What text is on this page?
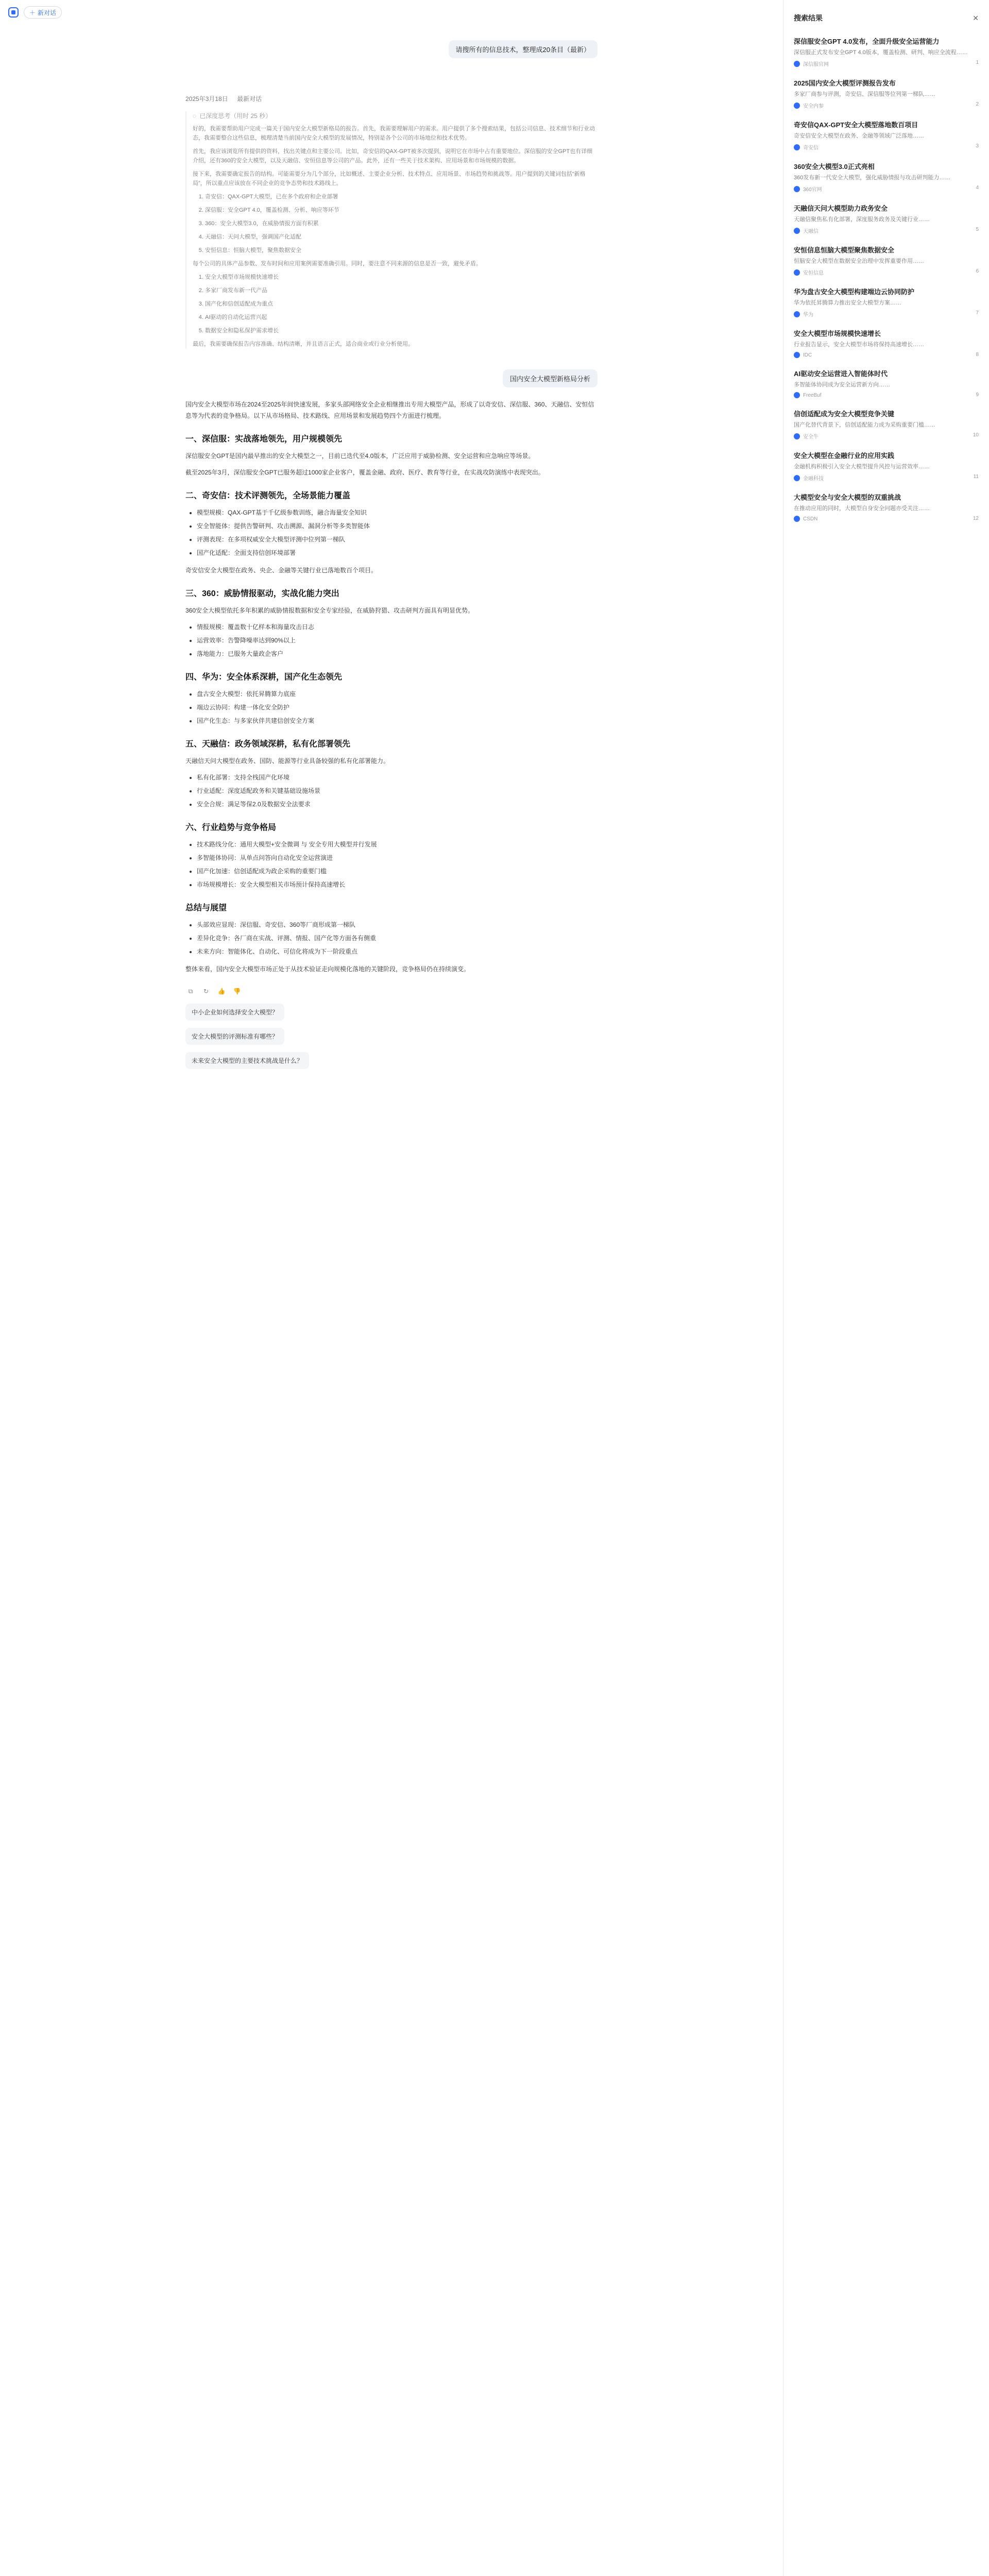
＋ 新对话
请搜所有的信息技术，整理成20条目（最新）
2025年3月18日 最新对话
◌ 已深度思考（用时 25 秒）

好的，我需要帮助用户完成一篇关于国内安全大模型新格局的报告。首先，我需要理解用户的需求。用户提供了多个搜索结果，包括公司信息、技术细节和行业动态，我需要整合这些信息，梳理清楚当前国内安全大模型的发展情况，特别是各个公司的市场地位和技术优势。

首先，我应该浏览所有提供的资料，找出关键点和主要公司。比如，奇安信的QAX-GPT被多次提到，说明它在市场中占有重要地位。深信服的安全GPT也有详细介绍，还有360的安全大模型，以及天融信、安恒信息等公司的产品。此外，还有一些关于技术架构、应用场景和市场规模的数据。

接下来，我需要确定报告的结构。可能需要分为几个部分，比如概述、主要企业分析、技术特点、应用场景、市场趋势和挑战等。用户提到的关键词包括“新格局”，所以重点应该放在不同企业的竞争态势和技术路线上。

1. 奇安信：QAX-GPT大模型，已在多个政府和企业部署
2. 深信服：安全GPT 4.0，覆盖检测、分析、响应等环节
3. 360：安全大模型3.0，在威胁情报方面有积累
4. 天融信：天问大模型，强调国产化适配
5. 安恒信息：恒脑大模型，聚焦数据安全

每个公司的具体产品参数、发布时间和应用案例需要准确引用。同时，要注意不同来源的信息是否一致，避免矛盾。

1. 安全大模型市场规模快速增长
2. 多家厂商发布新一代产品
3. 国产化和信创适配成为重点
4. AI驱动的自动化运营兴起
5. 数据安全和隐私保护需求增长

最后，我需要确保报告内容准确、结构清晰，并且语言正式，适合商业或行业分析使用。

国内安全大模型新格局分析

国内安全大模型市场在2024至2025年间快速发展，多家头部网络安全企业相继推出专用大模型产品，形成了以奇安信、深信服、360、天融信、安恒信息等为代表的竞争格局。以下从市场格局、技术路线、应用场景和发展趋势四个方面进行梳理。

一、深信服：实战落地领先，用户规模领先

深信服安全GPT是国内最早推出的安全大模型之一，目前已迭代至4.0版本，广泛应用于威胁检测、安全运营和应急响应等场景。

截至2025年3月，深信服安全GPT已服务超过1000家企业客户，覆盖金融、政府、医疗、教育等行业，在实战攻防演练中表现突出。

二、奇安信：技术评测领先，全场景能力覆盖
• 模型规模：QAX-GPT基于千亿级参数训练，融合海量安全知识
• 安全智能体：提供告警研判、攻击溯源、漏洞分析等多类智能体
• 评测表现：在多项权威安全大模型评测中位列第一梯队
• 国产化适配：全面支持信创环境部署

奇安信安全大模型在政务、央企、金融等关键行业已落地数百个项目。

三、360：威胁情报驱动，实战化能力突出

360安全大模型依托多年积累的威胁情报数据和安全专家经验，在威胁狩猎、攻击研判方面具有明显优势。

• 情报规模：覆盖数十亿样本和海量攻击日志
• 运营效率：告警降噪率达到90%以上
• 落地能力：已服务大量政企客户
四、华为：安全体系深耕，国产化生态领先
• 盘古安全大模型：依托昇腾算力底座
• 端边云协同：构建一体化安全防护
• 国产化生态：与多家伙伴共建信创安全方案
五、天融信：政务领域深耕，私有化部署领先

天融信天问大模型在政务、国防、能源等行业具备较强的私有化部署能力。

• 私有化部署：支持全栈国产化环境
• 行业适配：深度适配政务和关键基础设施场景
• 安全合规：满足等保2.0及数据安全法要求
六、行业趋势与竞争格局
• 技术路线分化：通用大模型+安全微调 与 安全专用大模型并行发展
• 多智能体协同：从单点问答向自动化安全运营演进
• 国产化加速：信创适配成为政企采购的重要门槛
• 市场规模增长：安全大模型相关市场预计保持高速增长
总结与展望
• 头部效应显现：深信服、奇安信、360等厂商形成第一梯队
• 差异化竞争：各厂商在实战、评测、情报、国产化等方面各有侧重
• 未来方向：智能体化、自动化、可信化将成为下一阶段重点

整体来看，国内安全大模型市场正处于从技术验证走向规模化落地的关键阶段，竞争格局仍在持续演变。

⧉	↻	👍 👎
中小企业如何选择安全大模型？
安全大模型的评测标准有哪些？
未来安全大模型的主要技术挑战是什么？
搜索结果	✕
深信服安全GPT 4.0发布，全面升级安全运营能力
深信服正式发布安全GPT 4.0版本，覆盖检测、研判、响应全流程……
深信服官网	1
2025国内安全大模型评测报告发布
多家厂商参与评测，奇安信、深信服等位列第一梯队……
安全内参	2
奇安信QAX-GPT安全大模型落地数百项目
奇安信安全大模型在政务、金融等领域广泛落地……
奇安信	3
360安全大模型3.0正式亮相
360发布新一代安全大模型，强化威胁情报与攻击研判能力……
360官网	4
天融信天问大模型助力政务安全
天融信聚焦私有化部署，深度服务政务及关键行业……
天融信	5
安恒信息恒脑大模型聚焦数据安全
恒脑安全大模型在数据安全治理中发挥重要作用……
安恒信息	6
华为盘古安全大模型构建端边云协同防护
华为依托昇腾算力推出安全大模型方案……
华为	7
安全大模型市场规模快速增长
行业报告显示，安全大模型市场将保持高速增长……
IDC	8
AI驱动安全运营进入智能体时代
多智能体协同成为安全运营新方向……
FreeBuf	9
信创适配成为安全大模型竞争关键
国产化替代背景下，信创适配能力成为采购重要门槛……
安全牛	10
安全大模型在金融行业的应用实践
金融机构积极引入安全大模型提升风控与运营效率……
金融科技	11
大模型安全与安全大模型的双重挑战
在推动应用的同时，大模型自身安全问题亦受关注……
CSDN	12
